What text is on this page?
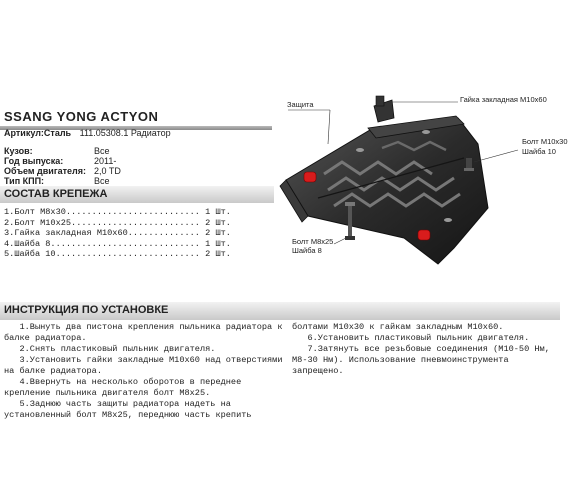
SSANG YONG ACTYON
Артикул:Сталь 111.05308.1 Радиатор
Кузов:	Все
Год выпуска:	2011-
Объем двигателя: 2,0 TD
Тип КПП:	Все
СОСТАВ КРЕПЕЖА
1.Болт M8x30.......................... 1 Шт.
2.Болт M10x25......................... 2 Шт.
3.Гайка закладная M10x60.............. 2 Шт.
4.Шайба 8............................. 1 Шт.
5.Шайба 10............................ 2 Шт.
Защита
Гайка закладная M10x60
Болт M10x30
Шайба 10
Болт M8x25
Шайба 8
ИНСТРУКЦИЯ ПО УСТАНОВКЕ
1.Вынуть два пистона крепления пыльника радиатора к
балке радиатора.
2.Снять пластиковый пыльник двигателя.
3.Установить гайки закладные M10x60 над отверстиями
на балке радиатора.
4.Ввернуть на несколько оборотов в переднее
крепление пыльника двигателя болт M8x25.
5.Заднюю часть защиты радиатора надеть на
установленный болт M8x25, переднюю часть крепить
болтами M10x30 к гайкам закладным M10x60.
6.Установить пластиковый пыльник двигателя.
7.Затянуть все резьбовые соединения (M10-50 Нм,
M8-30 Нм). Использование пневмоинструмента
запрещено.
